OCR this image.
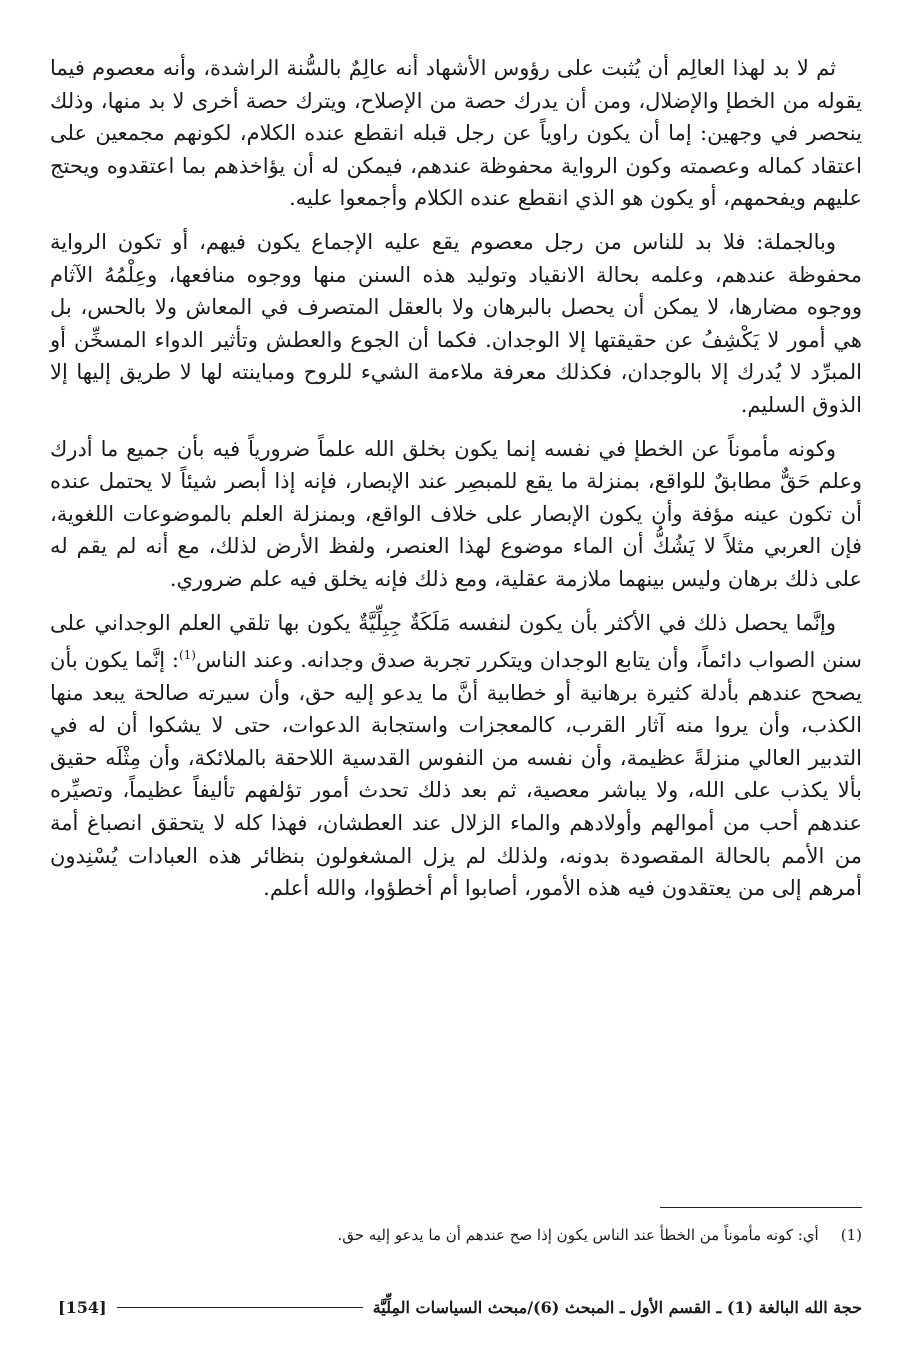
ثم لا بد لهذا العالِم أن يُثبت على رؤوس الأشهاد أنه عالِمٌ بالسُّنة الراشدة، وأنه معصوم فيما يقوله من الخطإ والإضلال، ومن أن يدرك حصة من الإصلاح، ويترك حصة أخرى لا بد منها، وذلك ينحصر في وجهين: إما أن يكون راوياً عن رجل قبله انقطع عنده الكلام، لكونهم مجمعين على اعتقاد كماله وعصمته وكون الرواية محفوظة عندهم، فيمكن له أن يؤاخذهم بما اعتقدوه ويحتج عليهم ويفحمهم، أو يكون هو الذي انقطع عنده الكلام وأجمعوا عليه.

وبالجملة: فلا بد للناس من رجل معصوم يقع عليه الإجماع يكون فيهم، أو تكون الرواية محفوظة عندهم، وعلمه بحالة الانقياد وتوليد هذه السنن منها ووجوه منافعها، وعِلْمُهُ الآثام ووجوه مضارها، لا يمكن أن يحصل بالبرهان ولا بالعقل المتصرف في المعاش ولا بالحس، بل هي أمور لا يَكْشِفُ عن حقيقتها إلا الوجدان. فكما أن الجوع والعطش وتأثير الدواء المسخِّن أو المبرِّد لا يُدرك إلا بالوجدان، فكذلك معرفة ملاءمة الشيء للروح ومباينته لها لا طريق إليها إلا الذوق السليم.

وكونه مأموناً عن الخطإ في نفسه إنما يكون بخلق الله علماً ضرورياً فيه بأن جميع ما أدرك وعلم حَقٌّ مطابقٌ للواقع، بمنزلة ما يقع للمبصِر عند الإبصار، فإنه إذا أبصر شيئاً لا يحتمل عنده أن تكون عينه مؤفة وأن يكون الإبصار على خلاف الواقع، وبمنزلة العلم بالموضوعات اللغوية، فإن العربي مثلاً لا يَشُكُّ أن الماء موضوع لهذا العنصر، ولفظ الأرض لذلك، مع أنه لم يقم له على ذلك برهان وليس بينهما ملازمة عقلية، ومع ذلك فإنه يخلق فيه علم ضروري.

وإنَّما يحصل ذلك في الأكثر بأن يكون لنفسه مَلَكَةٌ جِبِلِّيَّةٌ يكون بها تلقي العلم الوجداني على سنن الصواب دائماً، وأن يتابع الوجدان ويتكرر تجربة صدق وجدانه. وعند الناس$^{(1)}$: إنَّما يكون بأن يصحح عندهم بأدلة كثيرة برهانية أو خطابية أنَّ ما يدعو إليه حق، وأن سيرته صالحة يبعد منها الكذب، وأن يروا منه آثار القرب، كالمعجزات واستجابة الدعوات، حتى لا يشكوا أن له في التدبير العالي منزلةً عظيمة، وأن نفسه من النفوس القدسية اللاحقة بالملائكة، وأن مِثْلَه حقيق بألا يكذب على الله، ولا يباشر معصية، ثم بعد ذلك تحدث أمور تؤلفهم تأليفاً عظيماً، وتصيِّره عندهم أحب من أموالهم وأولادهم والماء الزلال عند العطشان، فهذا كله لا يتحقق انصباغ أمة من الأمم بالحالة المقصودة بدونه، ولذلك لم يزل المشغولون بنظائر هذه العبادات يُسْنِدون أمرهم إلى من يعتقدون فيه هذه الأمور، أصابوا أم أخطؤوا، والله أعلم.

(1)أي: كونه مأموناً من الخطأ عند الناس يكون إذا صح عندهم أن ما يدعو إليه حق.
حجة الله البالغة (1) ـ القسم الأول ـ المبحث (6)/مبحث السياسات المِلِّيَّة
[154]
